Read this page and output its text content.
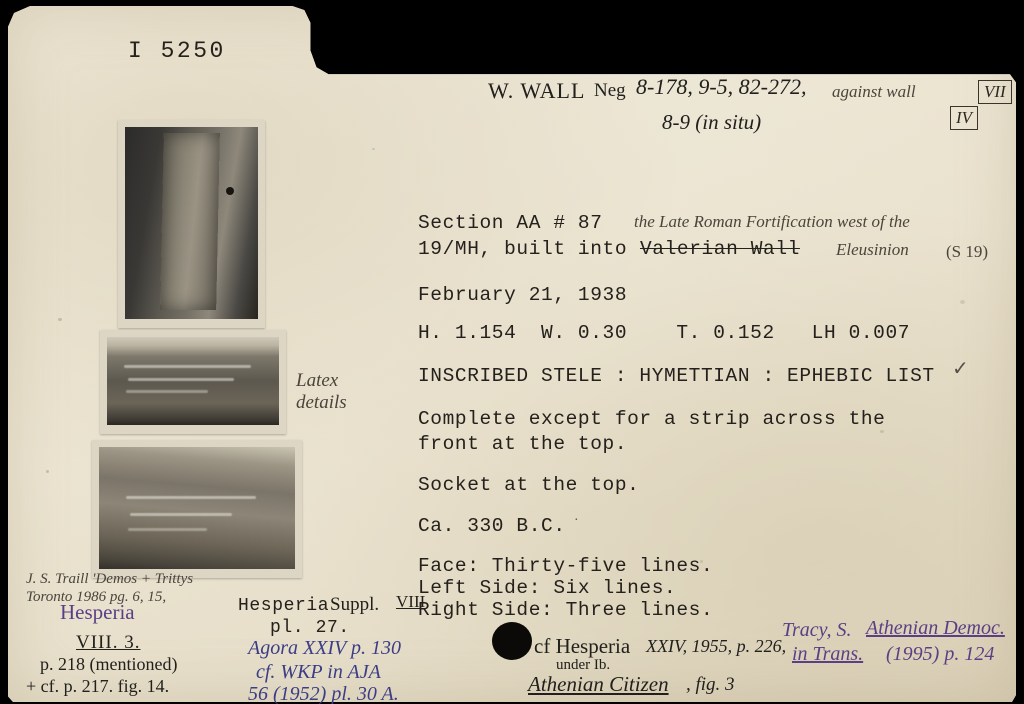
I 5250
W. WALL Neg 8-178, 9-5, 82-272, against wall
8-9 (in situ)
VII
IV
Latex
details
Section AA # 87
19/MH, built into Valerian Wall
the Late Roman Fortification west of the
Eleusinion (S 19)
February 21, 1938
H. 1.154  W. 0.30    T. 0.152   LH 0.007
INSCRIBED STELE : HYMETTIAN : EPHEBIC LIST
Complete except for a strip across the
front at the top.
Socket at the top.
Ca. 330 B.C.
Face: Thirty-five lines.
Left Side: Six lines.
Right Side: Three lines.
✓
·
J. S. Traill 'Demos + Trittys
Toronto 1986 pg. 6, 15,
Hesperia
VIII. 3.
p. 218 (mentioned)
+ cf. p. 217. fig. 14.
Agora XXIV p. 130
cf. WKP in AJA
56 (1952) pl. 30 A.
Hesperia Suppl. VIII
pl. 27.
cf Hesperia
under Ib.
XXIV, 1955, p. 226,
Athenian Citizen , fig. 3
Tracy, S. Athenian Democ.
in Trans. (1995) p. 124
